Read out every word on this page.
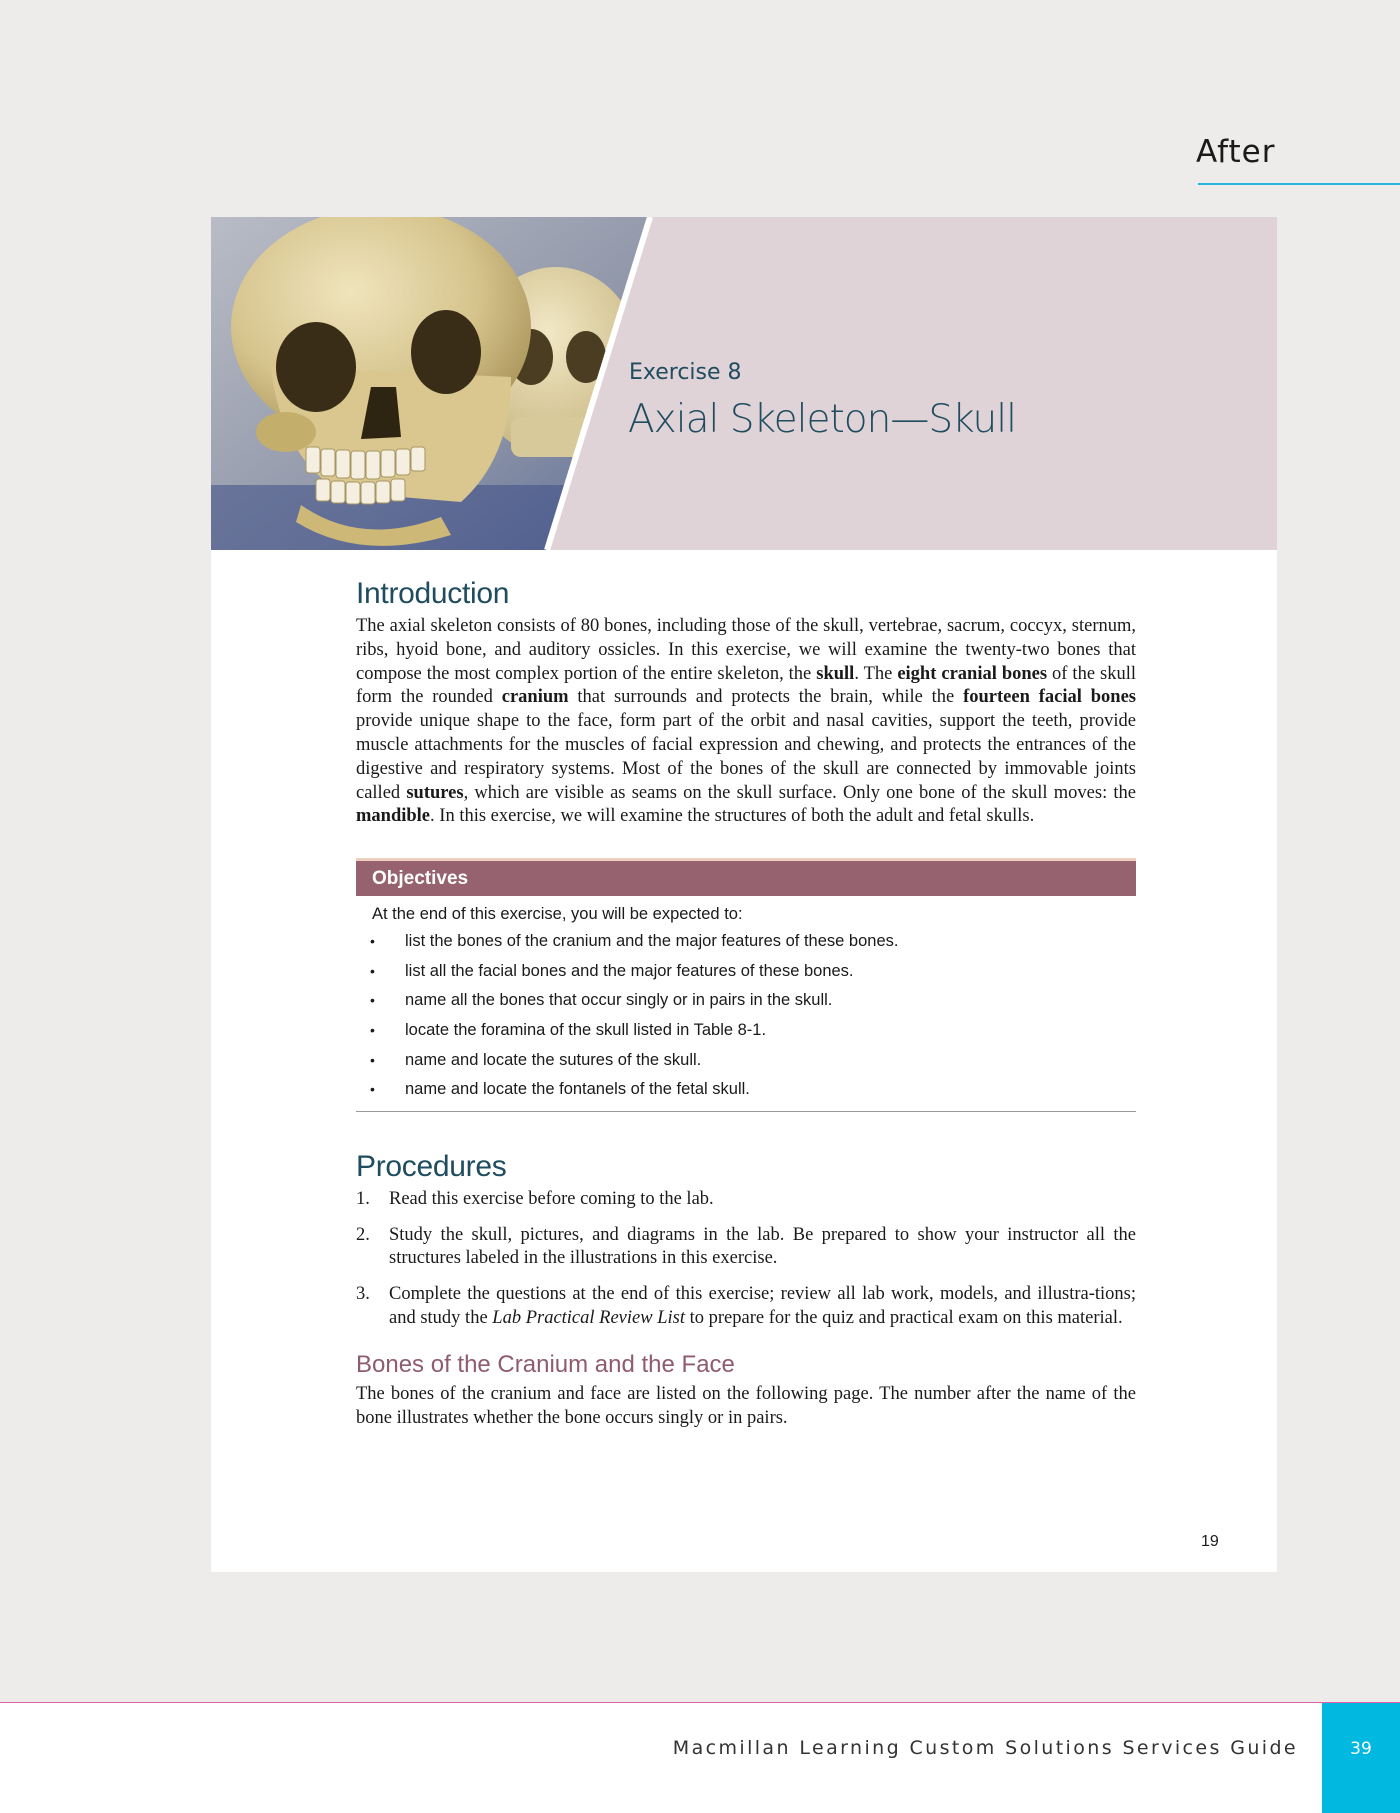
After
Exercise 8
Axial Skeleton—Skull
Introduction

The axial skeleton consists of 80 bones, including those of the skull, vertebrae, sacrum, coccyx, sternum, ribs, hyoid bone, and auditory ossicles. In this exercise, we will examine the twenty-two bones that compose the most complex portion of the entire skeleton, the skull. The eight cranial bones of the skull form the rounded cranium that surrounds and protects the brain, while the fourteen facial bones provide unique shape to the face, form part of the orbit and nasal cavities, support the teeth, provide muscle attachments for the muscles of facial expression and chewing, and protects the entrances of the digestive and respiratory systems. Most of the bones of the skull are connected by immovable joints called sutures, which are visible as seams on the skull surface. Only one bone of the skull moves: the mandible. In this exercise, we will examine the structures of both the adult and fetal skulls.

Objectives
At the end of this exercise, you will be expected to:
• list the bones of the cranium and the major features of these bones.
• list all the facial bones and the major features of these bones.
• name all the bones that occur singly or in pairs in the skull.
• locate the foramina of the skull listed in Table 8-1.
• name and locate the sutures of the skull.
• name and locate the fontanels of the fetal skull.
Procedures
1. Read this exercise before coming to the lab.
2. Study the skull, pictures, and diagrams in the lab. Be prepared to show your instructor all the structures labeled in the illustrations in this exercise.
3. Complete the questions at the end of this exercise; review all lab work, models, and illustra-tions; and study the Lab Practical Review List to prepare for the quiz and practical exam on this material.
Bones of the Cranium and the Face

The bones of the cranium and face are listed on the following page. The number after the name of the bone illustrates whether the bone occurs singly or in pairs.

19
Macmillan Learning Custom Solutions Services Guide	39
